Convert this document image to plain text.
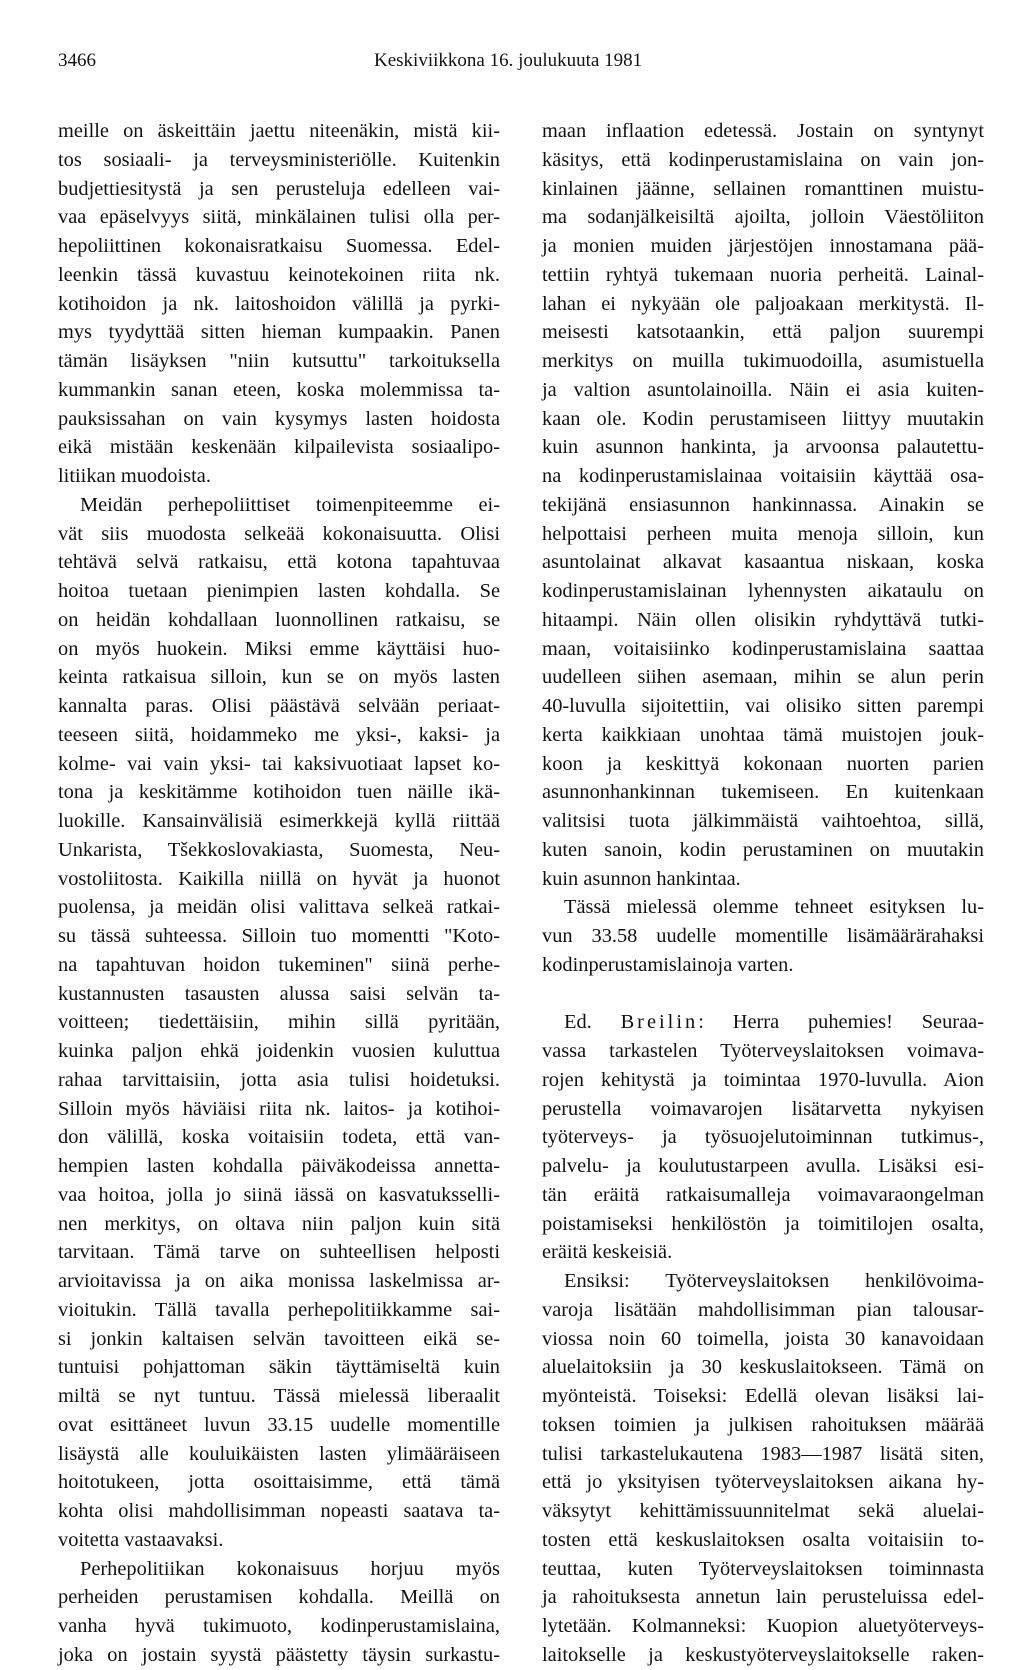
3466	Keskiviikkona 16. joulukuuta 1981
meille on äskeittäin jaettu niteenäkin, mistä kii-
tos sosiaali- ja terveysministeriölle. Kuitenkin
budjettiesitystä ja sen perusteluja edelleen vai-
vaa epäselvyys siitä, minkälainen tulisi olla per-
hepoliittinen kokonaisratkaisu Suomessa. Edel-
leenkin tässä kuvastuu keinotekoinen riita nk.
kotihoidon ja nk. laitoshoidon välillä ja pyrki-
mys tyydyttää sitten hieman kumpaakin. Panen
tämän lisäyksen "niin kutsuttu" tarkoituksella
kummankin sanan eteen, koska molemmissa ta-
pauksissahan on vain kysymys lasten hoidosta
eikä mistään keskenään kilpailevista sosiaalipo-
litiikan muodoista.
Meidän perhepoliittiset toimenpiteemme ei-
vät siis muodosta selkeää kokonaisuutta. Olisi
tehtävä selvä ratkaisu, että kotona tapahtuvaa
hoitoa tuetaan pienimpien lasten kohdalla. Se
on heidän kohdallaan luonnollinen ratkaisu, se
on myös huokein. Miksi emme käyttäisi huo-
keinta ratkaisua silloin, kun se on myös lasten
kannalta paras. Olisi päästävä selvään periaat-
teeseen siitä, hoidammeko me yksi-, kaksi- ja
kolme- vai vain yksi- tai kaksivuotiaat lapset ko-
tona ja keskitämme kotihoidon tuen näille ikä-
luokille. Kansainvälisiä esimerkkejä kyllä riittää
Unkarista, Tšekkoslovakiasta, Suomesta, Neu-
vostoliitosta. Kaikilla niillä on hyvät ja huonot
puolensa, ja meidän olisi valittava selkeä ratkai-
su tässä suhteessa. Silloin tuo momentti "Koto-
na tapahtuvan hoidon tukeminen" siinä perhe-
kustannusten tasausten alussa saisi selvän ta-
voitteen; tiedettäisiin, mihin sillä pyritään,
kuinka paljon ehkä joidenkin vuosien kuluttua
rahaa tarvittaisiin, jotta asia tulisi hoidetuksi.
Silloin myös häviäisi riita nk. laitos- ja kotihoi-
don välillä, koska voitaisiin todeta, että van-
hempien lasten kohdalla päiväkodeissa annetta-
vaa hoitoa, jolla jo siinä iässä on kasvatuksselli-
nen merkitys, on oltava niin paljon kuin sitä
tarvitaan. Tämä tarve on suhteellisen helposti
arvioitavissa ja on aika monissa laskelmissa ar-
vioitukin. Tällä tavalla perhepolitiikkamme sai-
si jonkin kaltaisen selvän tavoitteen eikä se-
tuntuisi pohjattoman säkin täyttämiseltä kuin
miltä se nyt tuntuu. Tässä mielessä liberaalit
ovat esittäneet luvun 33.15 uudelle momentille
lisäystä alle kouluikäisten lasten ylimääräiseen
hoitotukeen, jotta osoittaisimme, että tämä
kohta olisi mahdollisimman nopeasti saatava ta-
voitetta vastaavaksi.
Perhepolitiikan kokonaisuus horjuu myös
perheiden perustamisen kohdalla. Meillä on
vanha hyvä tukimuoto, kodinperustamislaina,
joka on jostain syystä päästetty täysin surkastu-
maan inflaation edetessä. Jostain on syntynyt
käsitys, että kodinperustamislaina on vain jon-
kinlainen jäänne, sellainen romanttinen muistu-
ma sodanjälkeisiltä ajoilta, jolloin Väestöliiton
ja monien muiden järjestöjen innostamana pää-
tettiin ryhtyä tukemaan nuoria perheitä. Lainal-
lahan ei nykyään ole paljoakaan merkitystä. Il-
meisesti katsotaankin, että paljon suurempi
merkitys on muilla tukimuodoilla, asumistuella
ja valtion asuntolainoilla. Näin ei asia kuiten-
kaan ole. Kodin perustamiseen liittyy muutakin
kuin asunnon hankinta, ja arvoonsa palautettu-
na kodinperustamislainaa voitaisiin käyttää osa-
tekijänä ensiasunnon hankinnassa. Ainakin se
helpottaisi perheen muita menoja silloin, kun
asuntolainat alkavat kasaantua niskaan, koska
kodinperustamislainan lyhennysten aikataulu on
hitaampi. Näin ollen olisikin ryhdyttävä tutki-
maan, voitaisiinko kodinperustamislaina saattaa
uudelleen siihen asemaan, mihin se alun perin
40-luvulla sijoitettiin, vai olisiko sitten parempi
kerta kaikkiaan unohtaa tämä muistojen jouk-
koon ja keskittyä kokonaan nuorten parien
asunnonhankinnan tukemiseen. En kuitenkaan
valitsisi tuota jälkimmäistä vaihtoehtoa, sillä,
kuten sanoin, kodin perustaminen on muutakin
kuin asunnon hankintaa.
Tässä mielessä olemme tehneet esityksen lu-
vun 33.58 uudelle momentille lisämäärärahaksi
kodinperustamislainoja varten.
Ed. Breilin: Herra puhemies! Seuraa-
vassa tarkastelen Työterveyslaitoksen voimava-
rojen kehitystä ja toimintaa 1970-luvulla. Aion
perustella voimavarojen lisätarvetta nykyisen
työterveys- ja työsuojelutoiminnan tutkimus-,
palvelu- ja koulutustarpeen avulla. Lisäksi esi-
tän eräitä ratkaisumalleja voimavaraongelman
poistamiseksi henkilöstön ja toimitilojen osalta,
eräitä keskeisiä.
Ensiksi: Työterveyslaitoksen henkilövoima-
varoja lisätään mahdollisimman pian talousar-
viossa noin 60 toimella, joista 30 kanavoidaan
aluelaitoksiin ja 30 keskuslaitokseen. Tämä on
myönteistä. Toiseksi: Edellä olevan lisäksi lai-
toksen toimien ja julkisen rahoituksen määrää
tulisi tarkastelukautena 1983—1987 lisätä siten,
että jo yksityisen työterveyslaitoksen aikana hy-
väksytyt kehittämissuunnitelmat sekä aluelai-
tosten että keskuslaitoksen osalta voitaisiin to-
teuttaa, kuten Työterveyslaitoksen toiminnasta
ja rahoituksesta annetun lain perusteluissa edel-
lytetään. Kolmanneksi: Kuopion aluetyöterveys-
laitokselle ja keskustyöterveyslaitokselle raken-
